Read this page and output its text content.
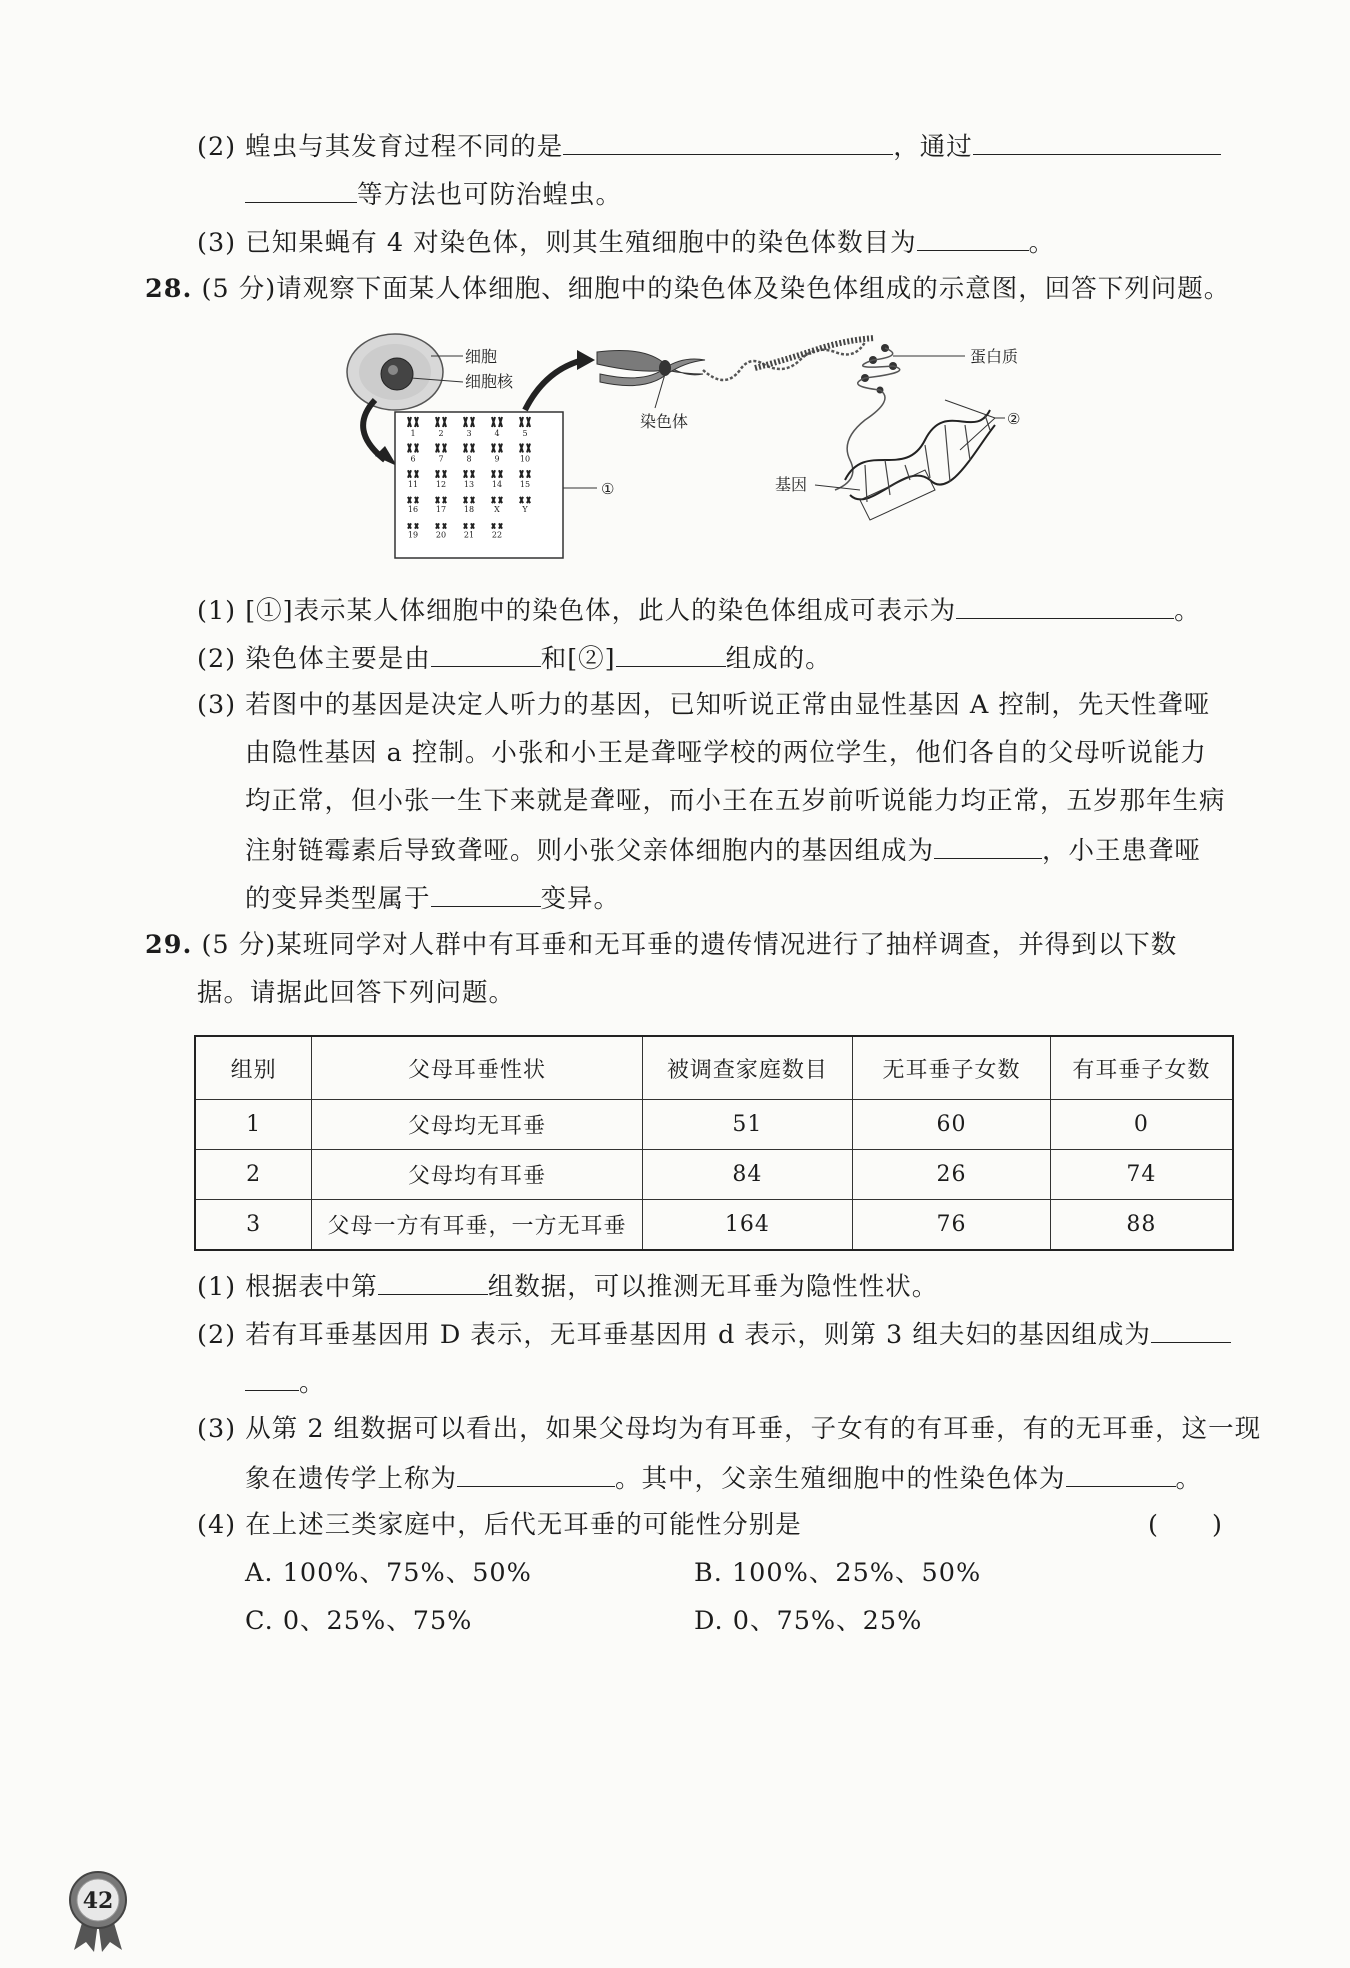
(2) 蝗虫与其发育过程不同的是	，通过
等方法也可防治蝗虫。
(3) 已知果蝇有 4 对染色体，则其生殖细胞中的染色体数目为	。
28. (5 分)请观察下面某人体细胞、细胞中的染色体及染色体组成的示意图，回答下列问题。
细胞
细胞核
1	2	3	4	5
6	7	8	9	10
11 12 13 14 15
16 17 18	X	Y
19 20 21 22
①
染色体
蛋白质
基因
②
(1) [①]表示某人体细胞中的染色体，此人的染色体组成可表示为	。
(2) 染色体主要是由	和[②]	组成的。
(3) 若图中的基因是决定人听力的基因，已知听说正常由显性基因 A 控制，先天性聋哑
由隐性基因 a 控制。小张和小王是聋哑学校的两位学生，他们各自的父母听说能力
均正常，但小张一生下来就是聋哑，而小王在五岁前听说能力均正常，五岁那年生病
注射链霉素后导致聋哑。则小张父亲体细胞内的基因组成为	，小王患聋哑
的变异类型属于	变异。
29. (5 分)某班同学对人群中有耳垂和无耳垂的遗传情况进行了抽样调查，并得到以下数
据。请据此回答下列问题。
组别	父母耳垂性状	被调查家庭数目	无耳垂子女数	有耳垂子女数
1	父母均无耳垂	51	60	0
2	父母均有耳垂	84	26	74
3	父母一方有耳垂，一方无耳垂	164	76	88
(1) 根据表中第	组数据，可以推测无耳垂为隐性性状。
(2) 若有耳垂基因用 D 表示，无耳垂基因用 d 表示，则第 3 组夫妇的基因组成为
。
(3) 从第 2 组数据可以看出，如果父母均为有耳垂，子女有的有耳垂，有的无耳垂，这一现
象在遗传学上称为	。其中，父亲生殖细胞中的性染色体为	。
(4) 在上述三类家庭中，后代无耳垂的可能性分别是	(　　)
A. 100%、75%、50%	B. 100%、25%、50%
C. 0、25%、75%	D. 0、75%、25%
42
